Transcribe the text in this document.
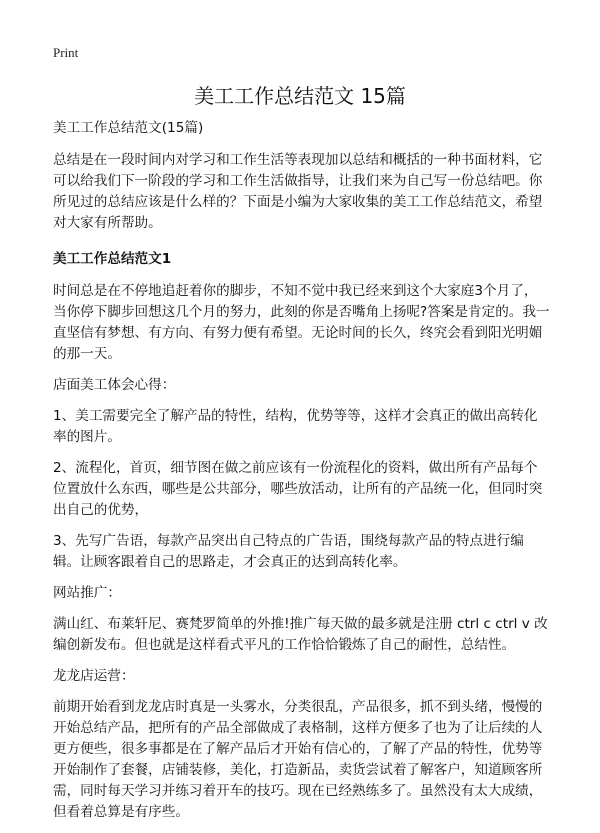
Print
美工工作总结范文 15篇

美工工作总结范文(15篇)

总结是在一段时间内对学习和工作生活等表现加以总结和概括的一种书面材料，它可以给我们下一阶段的学习和工作生活做指导，让我们来为自己写一份总结吧。你所见过的总结应该是什么样的？下面是小编为大家收集的美工工作总结范文，希望对大家有所帮助。

美工工作总结范文1

时间总是在不停地追赶着你的脚步，不知不觉中我已经来到这个大家庭3个月了，当你停下脚步回想这几个月的努力，此刻的你是否嘴角上扬呢?答案是肯定的。我一直坚信有梦想、有方向、有努力便有希望。无论时间的长久，终究会看到阳光明媚的那一天。

店面美工体会心得：

1、美工需要完全了解产品的特性，结构，优势等等，这样才会真正的做出高转化率的图片。

2、流程化，首页，细节图在做之前应该有一份流程化的资料，做出所有产品每个位置放什么东西，哪些是公共部分，哪些放活动，让所有的产品统一化，但同时突出自己的优势，

3、先写广告语，每款产品突出自己特点的广告语，围绕每款产品的特点进行编辑。让顾客跟着自己的思路走，才会真正的达到高转化率。

网站推广：

满山红、布莱轩尼、赛梵罗简单的外推!推广每天做的最多就是注册 ctrl c ctrl v 改编创新发布。但也就是这样看式平凡的工作恰恰锻炼了自己的耐性，总结性。

龙龙店运营：

前期开始看到龙龙店时真是一头雾水，分类很乱，产品很多，抓不到头绪，慢慢的开始总结产品，把所有的产品全部做成了表格制，这样方便多了也为了让后续的人更方便些，很多事都是在了解产品后才开始有信心的，了解了产品的特性，优势等开始制作了套餐，店铺装修，美化，打造新品，卖货尝试着了解客户，知道顾客所需，同时每天学习并练习着开车的技巧。现在已经熟练多了。虽然没有太大成绩，但看着总算是有序些。
